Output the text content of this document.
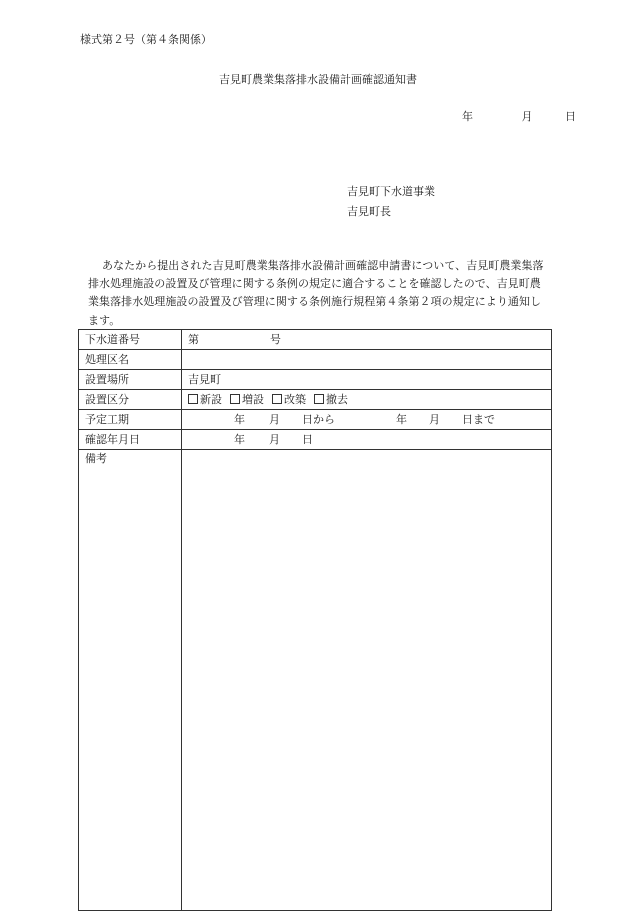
様式第２号（第４条関係）
吉見町農業集落排水設備計画確認通知書
年	月	日
吉見町下水道事業
吉見町長

あなたから提出された吉見町農業集落排水設備計画確認申請書について、吉見町農業集落排水処理施設の設置及び管理に関する条例の規定に適合することを確認したので、吉見町農業集落排水処理施設の設置及び管理に関する条例施行規程第４条第２項の規定により通知します。

下水道番号	第 号
処理区名	
設置場所	吉見町
設置区分	新設 増設 改築 撤去
予定工期	年 月 日から 年 月 日まで
確認年月日	年 月 日
備考	
